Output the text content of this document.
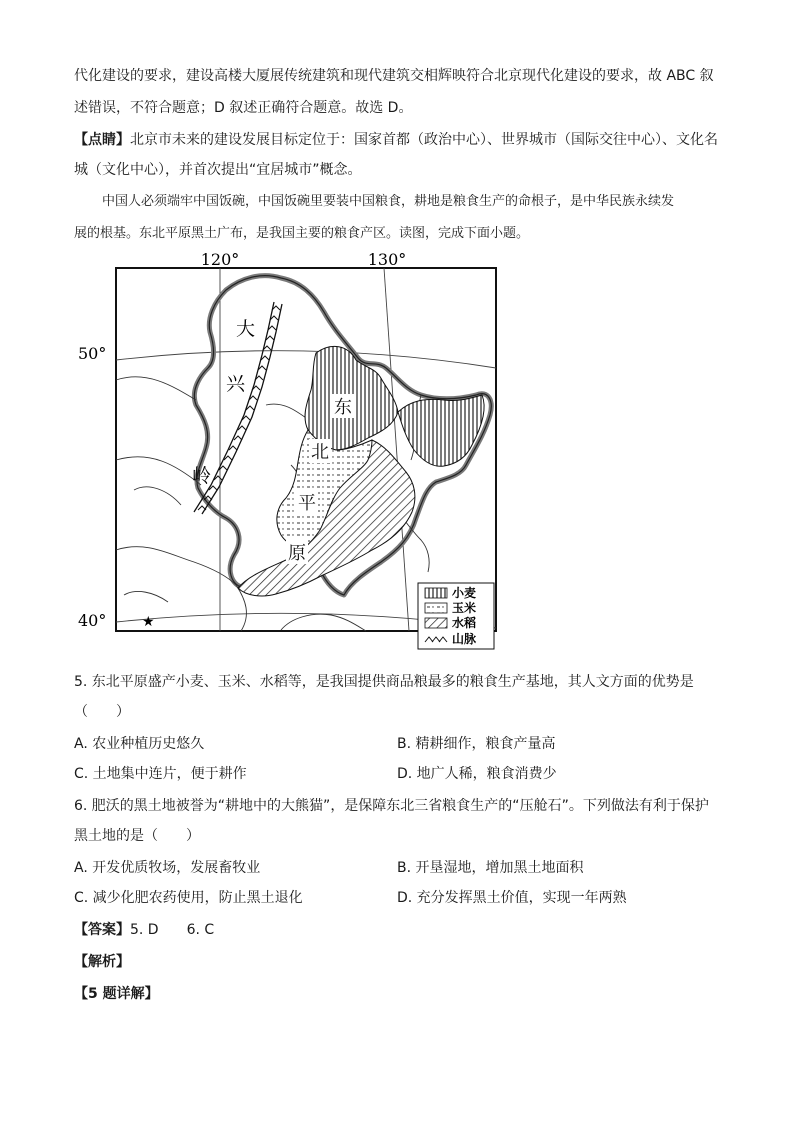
代化建设的要求，建设高楼大厦展传统建筑和现代建筑交相辉映符合北京现代化建设的要求，故 ABC 叙
述错误，不符合题意；D 叙述正确符合题意。故选 D。
【点睛】北京市未来的建设发展目标定位于：国家首都（政治中心）、世界城市（国际交往中心）、文化名
城（文化中心），并首次提出“宜居城市”概念。
中国人必须端牢中国饭碗，中国饭碗里要装中国粮食，耕地是粮食生产的命根子，是中华民族永续发
展的根基。东北平原黑土广布，是我国主要的粮食产区。读图，完成下面小题。
120°	130°
50°
40°	★
大
兴
岭
东
北
平
原
小麦
玉米
水稻
山脉
5. 东北平原盛产小麦、玉米、水稻等，是我国提供商品粮最多的粮食生产基地，其人文方面的优势是
（　　）
A. 农业种植历史悠久	B. 精耕细作，粮食产量高
C. 土地集中连片，便于耕作	D. 地广人稀，粮食消费少
6. 肥沃的黑土地被誉为“耕地中的大熊猫”，是保障东北三省粮食生产的“压舱石”。下列做法有利于保护
黑土地的是（　　）
A. 开发优质牧场，发展畜牧业	B. 开垦湿地，增加黑土地面积
C. 减少化肥农药使用，防止黑土退化	D. 充分发挥黑土价值，实现一年两熟
【答案】5. D　　6. C
【解析】
【5 题详解】
